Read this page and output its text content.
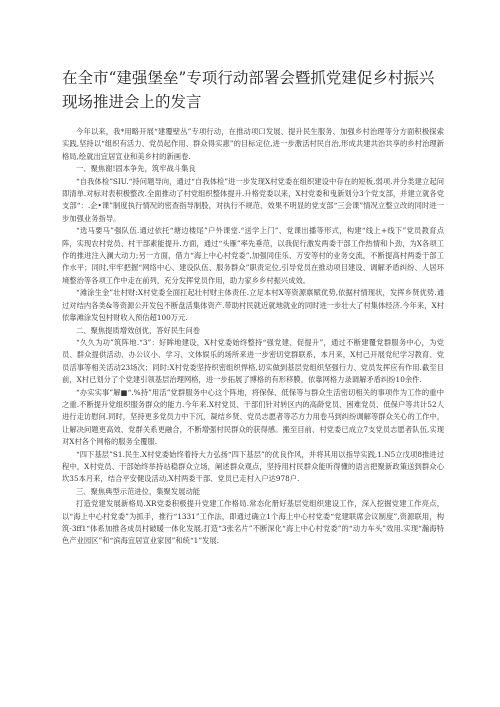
在全市“建强堡垒”专项行动部署会暨抓党建促乡村振兴现场推进会上的发言

今年以来，我*用略开展“建覆壁丛”专项行动，在推动项口发展、提升民生服务、加强乡村治理等分方面积极探索实践,坚持以“组织有活力、党员起作用、群众得实惠”的目标定位,进一步激活村民自治,形成共建共治共享的乡村治理新格局,绘就出宜居宣业和美乡村的新画卷.

一、聚焦谢!固本争先，筑牢战斗集良

“自我体检”SIU.“持问题导向，通过“自我体检”进一步发现X村党委在组织建设中存在的短板,弱项.并分类建立起问即清单.对标对表积极整改.全面推动了村党组织整体提升.升格党委以来，X村党委和曳新划分3个党支部，并建立就各党支部“：.企•课”制度执行情况的密查指导制股，对执行不规范、效果不明显的党支部“三会课”情况立整立改的同时进一步加强业务指导。

“选马要马”强队伍.通过依托“塘边楼尾”户外课堂.“送学上门”、党课出播等形式，构建“线上+线下”党员教育点阵，实现农村党员、村干部素能提升.方面，通过“头雁”率先垂范，以我促行激发两委干部工作热情和卜劲，为X各项工作的推进注入澜大动力;另一方面，借力“海上中心村党委”,加强同佳乐、万安等村的业务交流，不断提高村两委干部工作水平；同时,牢牢把握“网络中心、建设队伍、服务群众”职责定位,引导党员在推动项目建设、调解矛盾纠纷、人居环境整治等各项工作中走在前列，充分发挥党员作用，助力家乡乡村振兴成效。

“滩涂生金”壮村财:X村党委全面扛起壮村财主体责任.立足本村X等资源禀赋优势,依据村情现状，发挥乡贤优势.通过对结内各类&等资源公开发包不断盘活集体资产.带助村民就近就地就业的同时进一步壮大了村集体经济.今年来，X村依靠滩涂发包村财收入预估超100万元.

二、聚焦提质增效创优，答好民生问卷

“久久为功”筑阵地.“3”：好眸地建设，X村党委始终整持“强党建、促提升”，通过不断建覆党群服务中心，为党员、群众提供活动、办公议小、学习、文体娱乐的场所来进一步密切党群联系，本月来，X村己开展党纪学习教育、党员活事等相关活动23场次；同时:X村党委坚持织密组织悍格,切实做到基层党组织坚强行力、党员发挥应有作用.截至目前，X村已划分了个党建引领基层治理网格，进一步拓展了博格的有形移膜，依靠网格力录调解矛盾纠纷10余件.

“办实实事”解■“.%持”用活”党群服务中心这个阵地，将保保、低保等与群众生活密切相关的事项作为工作的重中之重.不断提升党组织服务群众的能力.今年来.X村党员、干部们针对转区内的高龄党员、困难党员、低保户等共计52人进行走访慰问.同时，坚持更多党员力中下沉，凝结乡贤、党员志愿者等芯方力用卷马到纠纷调解等群众关心的工作中，让解决问题更高效、党群关系更融合，不断增强村民群众的获得感。搬至目前、村党委已成立7支党员志愿者队伍,实现对X村各个网格的服务全覆服.

“四下基层”S1.民生.X村党委始终着持大力弘扬“四下基层”的优良作风，并将其用以指导实践,1.N5立戊项8推进过程中，X村党员、干部始终举持站稳群众立场，阐述群众观点，坚持用村民群众能听得懂的语言把聚新政策送到群众心坎35本月来，结合平安健设活动,X村两委干部、党员已走村入户达978户.

三、聚焦典型示范进位，集聚发展动能

打造党建发展新格局.XR党委积极提升党建工作格局.常态化册好基层党组织建设工作，深入挖掘党建工作亮点，以“海上中心村党委”为抓手，推行“1331”工作法，即通过确立1个海上中心村党委“党建联席会议制度”,资源联用，构筑-3ff1“体系加推各成员村破暖一体化发展,打造“3张名片”不断深化“海上中心村党委”的“动力车头”效用.实现“瀚海特色产业园区”和“滨海宜居宣业家园”和统“1”发展.
